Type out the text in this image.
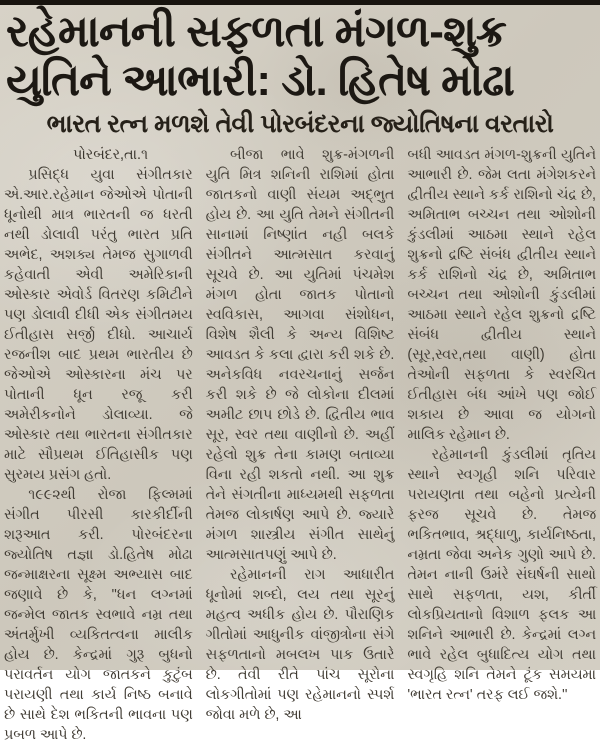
રહેમાનની સફળતા મંગળ-શુક્ર
યુતિને આભારી: ડો. હિતેષ મોઢા
ભારત રત્ન મળશે તેવી પોરબંદરના જ્યોતિષના વરતારો

પોરબંદર,તા.૧

પ્રસિદ્ધ યુવા સંગીતકાર એ.આર.રહેમાન જેઓએ પોતાની ધૂનોથી માત્ર ભારતની જ ધરતી નથી ડોલાવી પરંતુ ભારત પ્રતિ અભેદ, અશક્ય તેમજ સુગાળવી કહેવાતી એવી અમેરિકાની ઓસ્કાર એવોર્ડ વિતરણ કમિટીને પણ ડોલાવી દીધી એક સંગીતમય ઈતીહાસ સર્જી દીધો. આચાર્ય રજનીશ બાદ પ્રથમ ભારતીય છે જેઓએ ઓસ્કારના મંચ પર પોતાની ધૂન રજૂ કરી અમેરીકનોને ડોલાવ્યા. જે ઓસ્કાર તથા ભારતના સંગીતકાર માટે સૌપ્રથમ ઈતિહાસીક પણ સુરમય પ્રસંગ હતો.

૧૯૯૨થી રોજા ફિલ્મમાં સંગીત પીરસી કારકીર્દીની શરૂઆત કરી. પોરબંદરના જ્યોતિષ તજ્ઞા ડો.હિતેષ મોઢા જન્માક્ષરના સૂક્ષ્મ અભ્યાસ બાદ જણાવે છે કે, ''ધન લગ્નમાં જન્મેલ જાતક સ્વભાવે નમ્ર તથા અંતર્મુખી વ્યકિતત્વના માલીક હોય છે. કેન્દ્રમાં ગુરૂ બુધનો પરાવર્તન યોગ જાતકને કુટુંબ પરાયણી તથા કાર્ય નિષ્ઠ બનાવે છે સાથે દેશ ભકિતની ભાવના પણ પ્રબળ આપે છે.

બીજા ભાવે શુક્ર-મંગળની યુતિ મિત્ર શનિની રાશિમાં હોતા જાતકનો વાણી સંયમ અદ્ભુત હોય છે. આ યુતિ તેમને સંગીતની સાનામાં નિષ્ણાંત નહી બલકે સંગીતને આત્મસાત કરવાનું સૂચવે છે. આ યુતિમાં પંચમેશ મંગળ હોતા જાતક પોતાનો સ્વવિકાસ, આગવા સંશોધન, વિશેષ શૈલી કે અન્ય વિશિષ્ટ આવડત કે કલા દ્વારા કરી શકે છે. અનેકવિધ નવરચનાનું સર્જન કરી શકે છે જે લોકોના દીલમાં અમીટ છાપ છોડે છે. દ્વિતીય ભાવ સૂર, સ્વર તથા વાણીનો છે. અહીં રહેલો શુક્ર તેના કામણ બતાવ્યા વિના રહી શકતો નથી. આ શુક્ર તેને સંગતીના માધ્યમથી સફળતા તેમજ લોકાર્ષણ આપે છે. જ્યારે મંગળ શાસ્ત્રીય સંગીત સાથેનું આત્મસાતપણું આપે છે.

રહેમાનની રાગ આધારીત ધૂનોમાં શબ્દો, લય તથા સૂરનું મહત્વ અધીક હોય છે. પૌરાણિક ગીતોમાં આધુનીક વાંજીત્રોના સંગે સફળતાનો મબલખ પાક ઉતારે છે. તેવી રીતે પાંચ સૂરોના લોકગીતોમાં પણ રહેમાનનો સ્પર્શ જોવા મળે છે, આ

બધી આવડત મંગળ-શુક્રની યુતિને આભારી છે. જેમ લતા મંગેશકરને દ્વીતીય સ્થાને કર્ક રાશિનો ચંદ્ર છે, અમિતાભ બચ્ચન તથા ઓશોની કુંડલીમાં આઠમા સ્થાને રહેલ શુક્રનો દ્રષ્ટિ સંબંધ દ્વીતીય સ્થાને કર્ક રાશિનો ચંદ્ર છે, અમિતાભ બચ્ચન તથા ઓશોની કુંડલીમાં આઠમા સ્થાને રહેલ શુક્રનો દ્રષ્ટિ સંબંધ દ્વીતીય સ્થાને (સૂર,સ્વર,તથા વાણી) હોતા તેઓની સફળતા કે સ્વરચિત ઈતીહાસ બંધ આંખે પણ જોઈ શકાય છે આવા જ યોગનો માલિક રહેમાન છે.

રહેમાનની કુંડલીમાં તૃતિય સ્થાને સ્વગૃહી શનિ પરિવાર પરાયણતા તથા બહેનો પ્રત્યેની ફરજ સૂચવે છે. તેમજ ભકિતભાવ, શ્રદ્ધાળુ, કાર્યનિષ્ઠતા, નમ્રતા જેવા અનેક ગુણો આપે છે. તેમન નાની ઉમંરે સંઘર્ષની સાથો સાથે સફળતા, યશ, કીર્તી લોકપ્રિયતાનો વિશાળ ફલક આ શનિને આભારી છે. કેન્દ્રમાં લગ્ન ભાવે રહેલ બુધાદિત્ય યોગ તથા સ્વગૃહિ શનિ તેમને ટૂંક સમયમા 'ભારત રત્ન' તરફ લઈ જશે.''
